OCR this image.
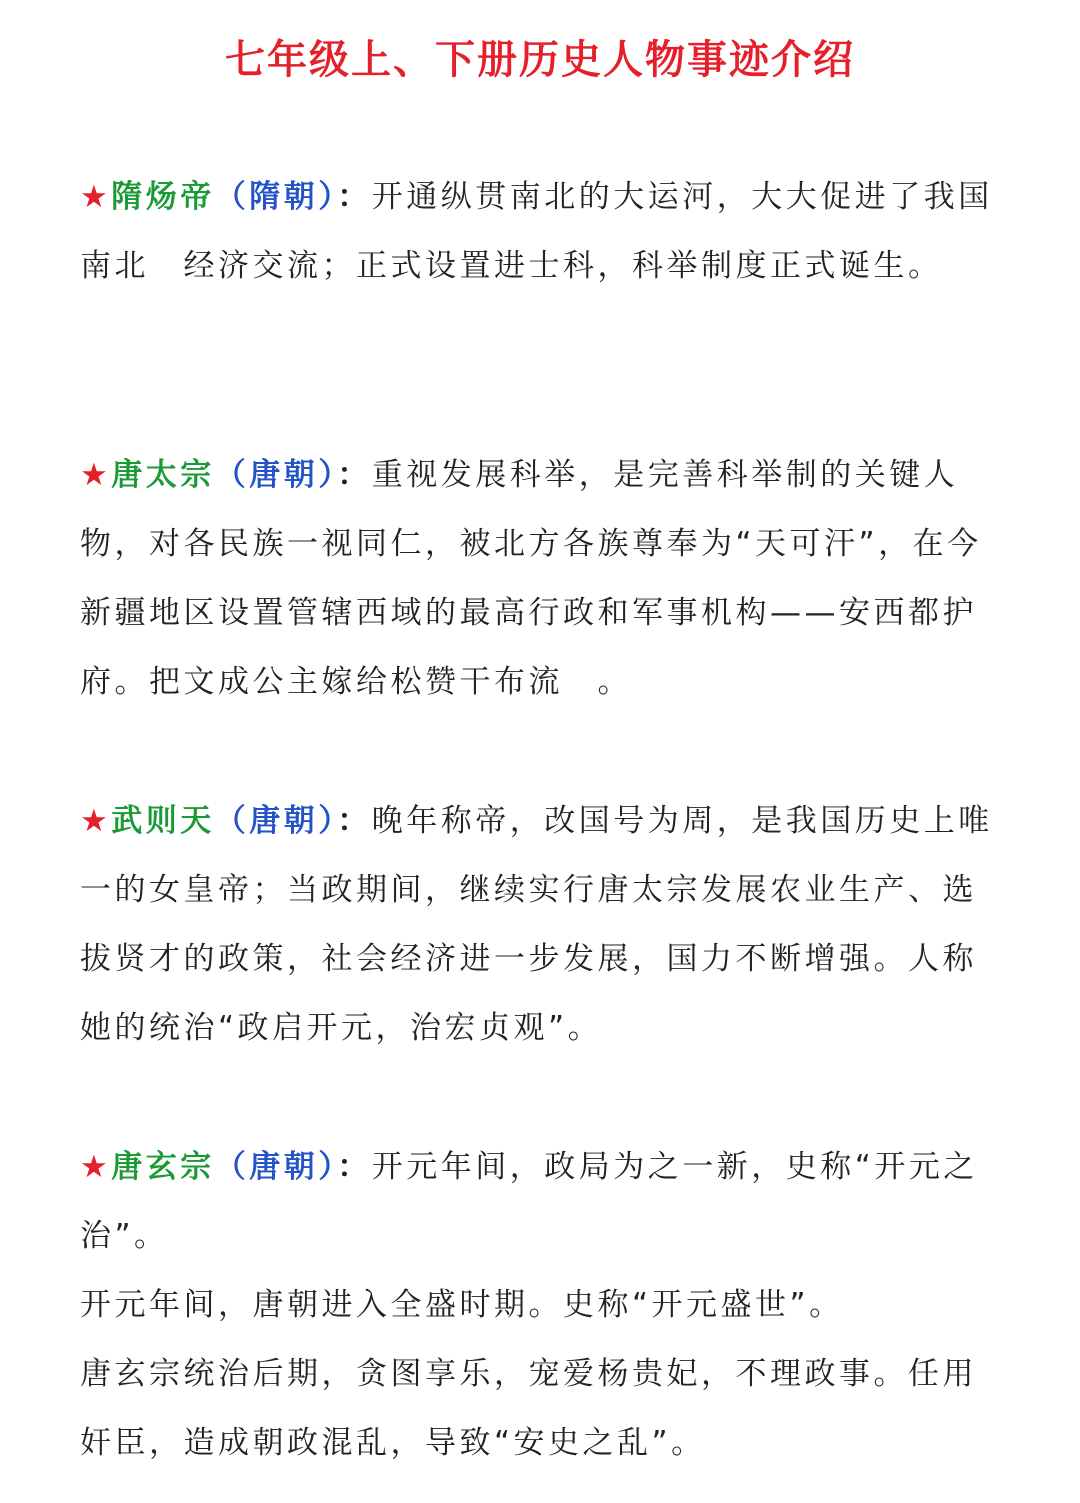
七年级上、下册历史人物事迹介绍

★隋炀帝（隋朝）：开通纵贯南北的大运河，大大促进了我国南北　经济交流；正式设置进士科，科举制度正式诞生。

★唐太宗（唐朝）：重视发展科举，是完善科举制的关键人物，对各民族一视同仁，被北方各族尊奉为“天可汗”，在今新疆地区设置管辖西域的最高行政和军事机构——安西都护府。把文成公主嫁给松赞干布流　。

★武则天（唐朝）：晚年称帝，改国号为周，是我国历史上唯一的女皇帝；当政期间，继续实行唐太宗发展农业生产、选拔贤才的政策，社会经济进一步发展，国力不断增强。人称她的统治“政启开元，治宏贞观”。

★唐玄宗（唐朝）：开元年间，政局为之一新，史称“开元之治”。

开元年间，唐朝进入全盛时期。史称“开元盛世”。

唐玄宗统治后期，贪图享乐，宠爱杨贵妃，不理政事。任用奸臣，造成朝政混乱，导致“安史之乱”。
